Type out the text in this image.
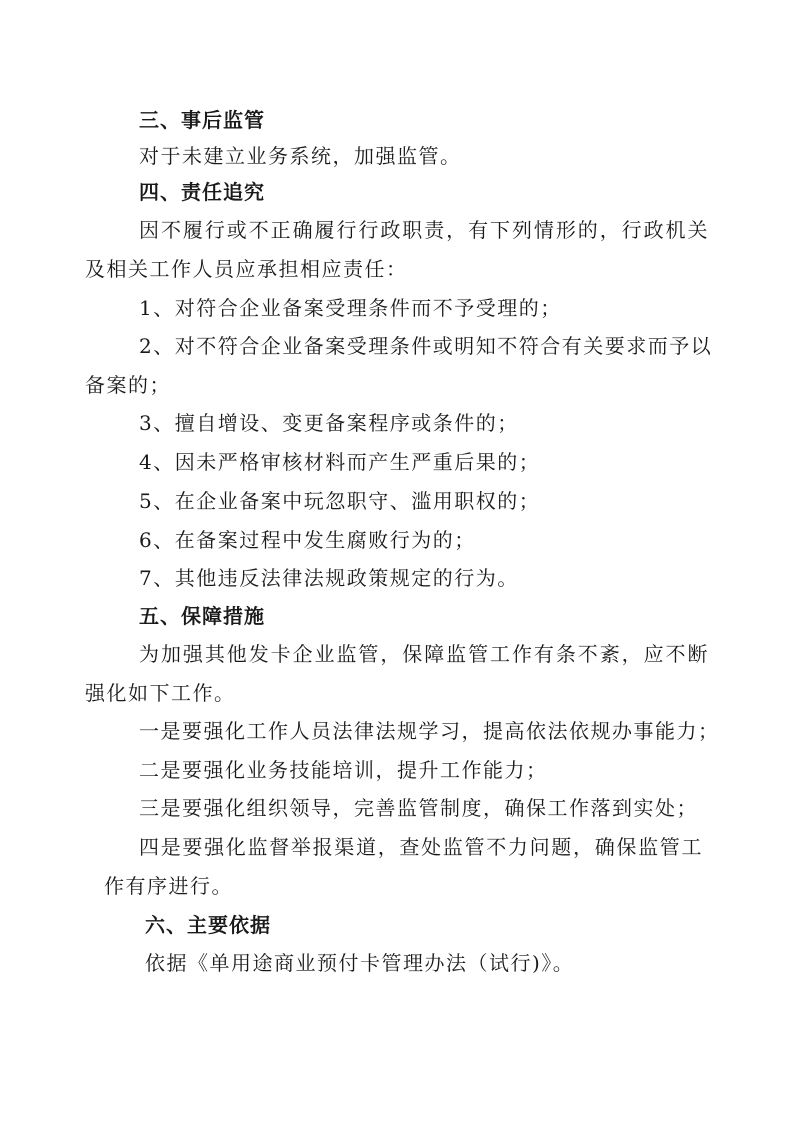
三、事后监管
对于未建立业务系统，加强监管。
四、责任追究
因不履行或不正确履行行政职责，有下列情形的，行政机关
及相关工作人员应承担相应责任：
1、对符合企业备案受理条件而不予受理的；
2、对不符合企业备案受理条件或明知不符合有关要求而予以
备案的；
3、擅自增设、变更备案程序或条件的；
4、因未严格审核材料而产生严重后果的；
5、在企业备案中玩忽职守、滥用职权的；
6、在备案过程中发生腐败行为的；
7、其他违反法律法规政策规定的行为。
五、保障措施
为加强其他发卡企业监管，保障监管工作有条不紊，应不断
强化如下工作。
一是要强化工作人员法律法规学习，提高依法依规办事能力；
二是要强化业务技能培训，提升工作能力；
三是要强化组织领导，完善监管制度，确保工作落到实处；
四是要强化监督举报渠道，查处监管不力问题，确保监管工
作有序进行。
六、主要依据
依据《单用途商业预付卡管理办法（试行)》。
